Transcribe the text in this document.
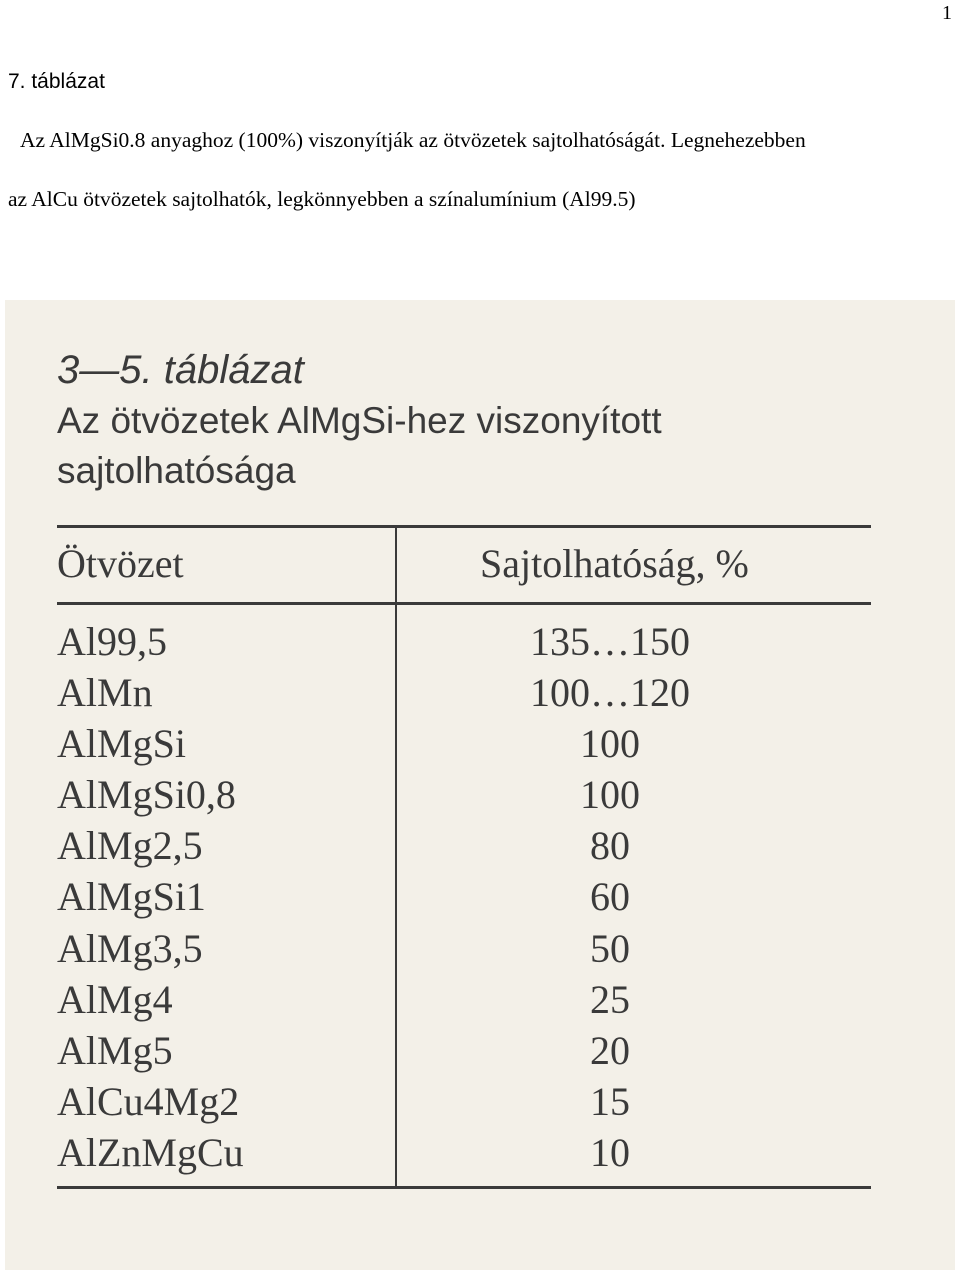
1
7. táblázat
Az AlMgSi0.8 anyaghoz (100%) viszonyítják az ötvözetek sajtolhatóságát. Legnehezebben
az AlCu ötvözetek sajtolhatók, legkönnyebben a színalumínium (Al99.5)
3—5. táblázat
Az ötvözetek AlMgSi-hez viszonyított
sajtolhatósága
Ötvözet	Sajtolhatóság, %
Al99,5	135…150
AlMn	100…120
AlMgSi	100
AlMgSi0,8	100
AlMg2,5	80
AlMgSi1	60
AlMg3,5	50
AlMg4	25
AlMg5	20
AlCu4Mg2	15
AlZnMgCu	10
